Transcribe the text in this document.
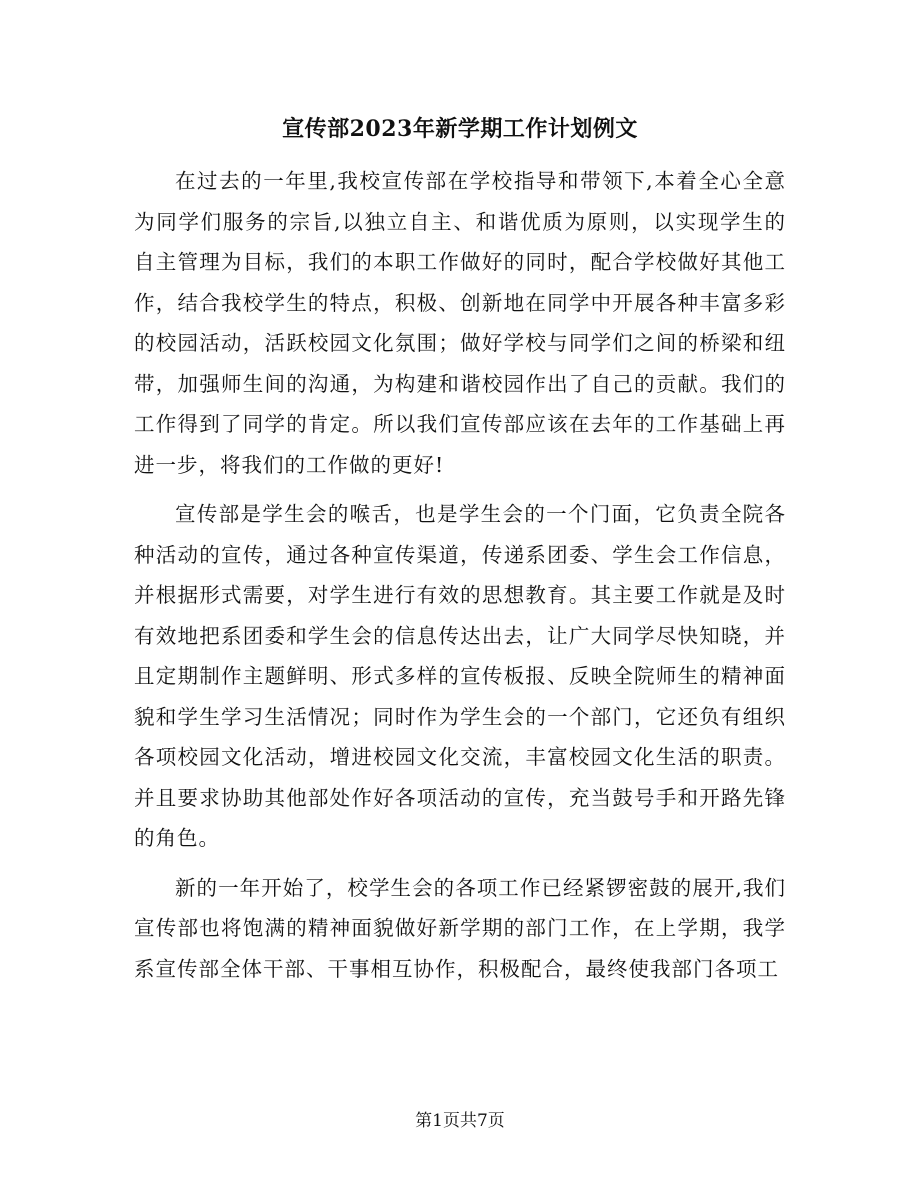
宣传部2023年新学期工作计划例文

在过去的一年里,我校宣传部在学校指导和带领下,本着全心全意为同学们服务的宗旨,以独立自主、和谐优质为原则，以实现学生的自主管理为目标，我们的本职工作做好的同时，配合学校做好其他工作，结合我校学生的特点，积极、创新地在同学中开展各种丰富多彩的校园活动，活跃校园文化氛围；做好学校与同学们之间的桥梁和纽带，加强师生间的沟通，为构建和谐校园作出了自己的贡献。我们的工作得到了同学的肯定。所以我们宣传部应该在去年的工作基础上再进一步，将我们的工作做的更好!

宣传部是学生会的喉舌，也是学生会的一个门面，它负责全院各种活动的宣传，通过各种宣传渠道，传递系团委、学生会工作信息，并根据形式需要，对学生进行有效的思想教育。其主要工作就是及时有效地把系团委和学生会的信息传达出去，让广大同学尽快知晓，并且定期制作主题鲜明、形式多样的宣传板报、反映全院师生的精神面貌和学生学习生活情况；同时作为学生会的一个部门，它还负有组织各项校园文化活动，增进校园文化交流，丰富校园文化生活的职责。并且要求协助其他部处作好各项活动的宣传，充当鼓号手和开路先锋的角色。

新的一年开始了，校学生会的各项工作已经紧锣密鼓的展开,我们宣传部也将饱满的精神面貌做好新学期的部门工作，在上学期，我学系宣传部全体干部、干事相互协作，积极配合，最终使我部门各项工

第1页共7页
